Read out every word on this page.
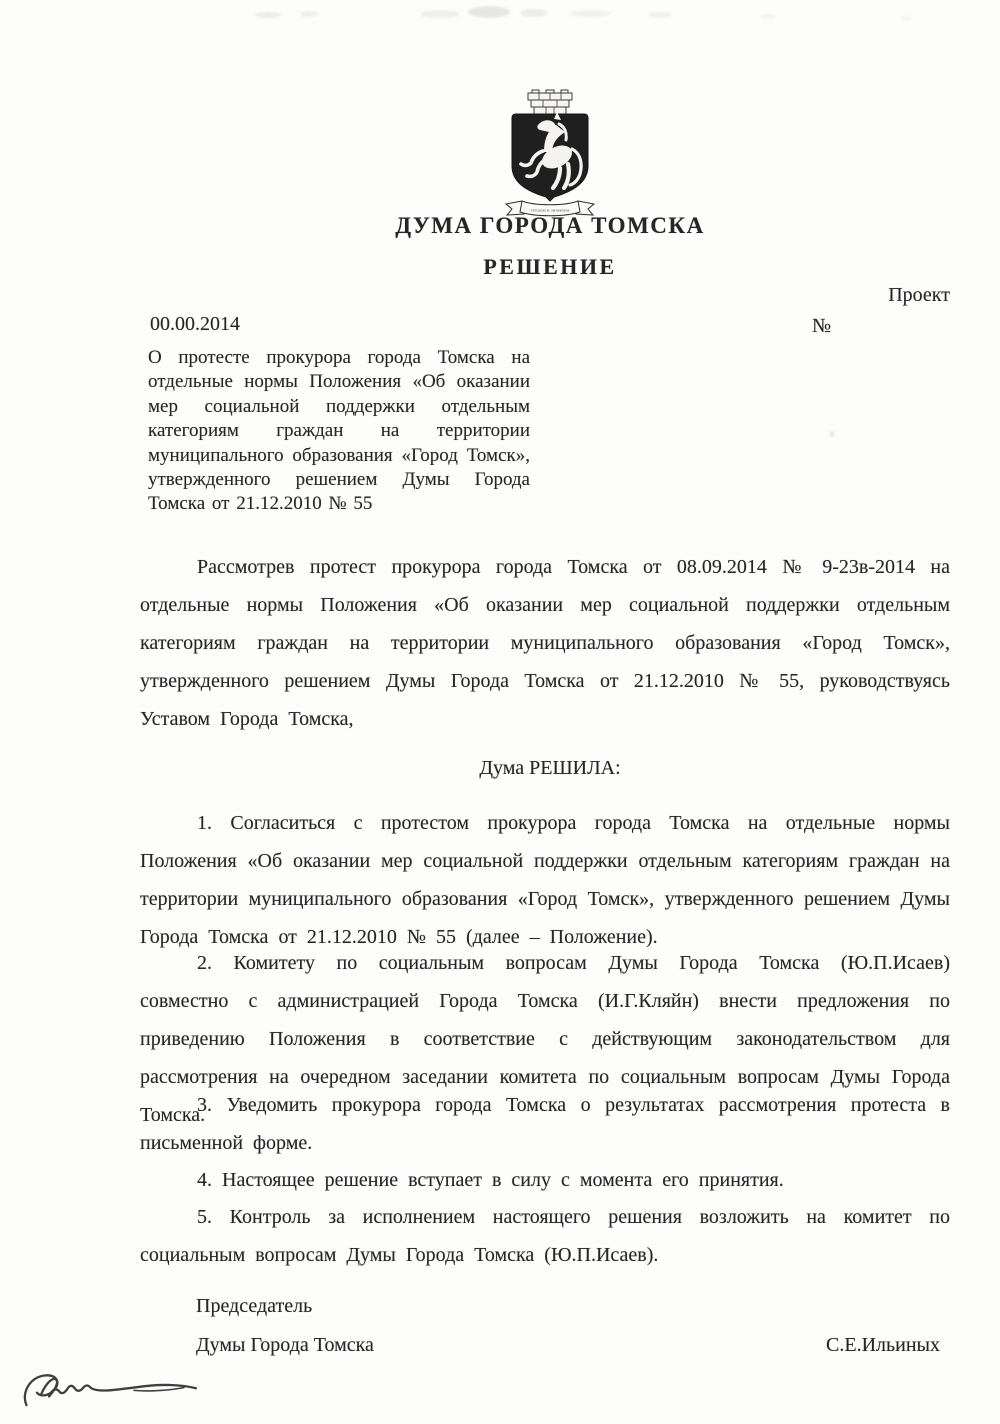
ТРУДОМ И ЗНАНИЕМ
ДУМА ГОРОДА ТОМСКА
РЕШЕНИЕ
Проект
00.00.2014	№
О протесте прокурора города Томска на отдельные нормы Положения «Об оказании мер социальной поддержки отдельным категориям граждан на территории муниципального образования «Город Томск», утвержденного решением Думы Города Томска от 21.12.2010 № 55
Рассмотрев протест прокурора города Томска от 08.09.2014 № 9-23в-2014 на отдельные нормы Положения «Об оказании мер социальной поддержки отдельным категориям граждан на территории муниципального образования «Город Томск», утвержденного решением Думы Города Томска от 21.12.2010 № 55, руководствуясь Уставом Города Томска,
Дума РЕШИЛА:
1. Согласиться с протестом прокурора города Томска на отдельные нормы Положения «Об оказании мер социальной поддержки отдельным категориям граждан на территории муниципального образования «Город Томск», утвержденного решением Думы Города Томска от 21.12.2010 № 55 (далее – Положение).
2. Комитету по социальным вопросам Думы Города Томска (Ю.П.Исаев) совместно с администрацией Города Томска (И.Г.Кляйн) внести предложения по приведению Положения в соответствие с действующим законодательством для рассмотрения на очередном заседании комитета по социальным вопросам Думы Города Томска.
3. Уведомить прокурора города Томска о результатах рассмотрения протеста в письменной форме.
4. Настоящее решение вступает в силу с момента его принятия.
5. Контроль за исполнением настоящего решения возложить на комитет по социальным вопросам Думы Города Томска (Ю.П.Исаев).
Председатель
Думы Города Томска	С.Е.Ильиных
